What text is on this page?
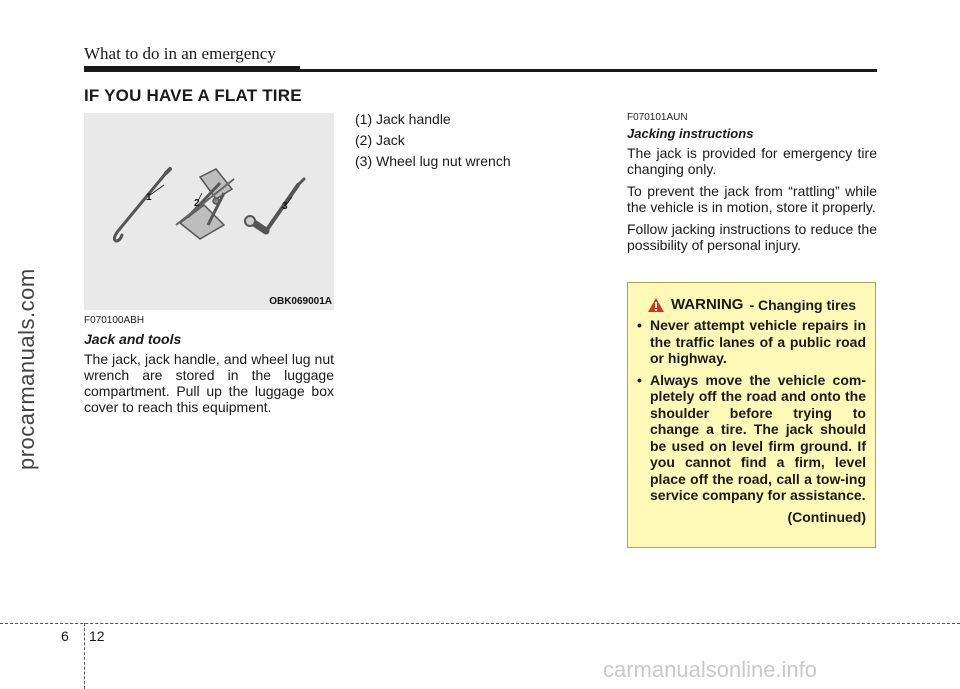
What to do in an emergency
IF YOU HAVE A FLAT TIRE
1
2	3
OBK069001A
F070100ABH
Jack and tools
The jack, jack handle, and wheel lug nut wrench are stored in the luggage compartment. Pull up the luggage box cover to reach this equipment.
(1) Jack handle
(2) Jack
(3) Wheel lug nut wrench
F070101AUN
Jacking instructions
The jack is provided for emergency tire changing only.
To prevent the jack from “rattling” while the vehicle is in motion, store it properly.
Follow jacking instructions to reduce the possibility of personal injury.
WARNING - Changing tires
• Never attempt vehicle repairs in the traffic lanes of a public road or highway.
• Always move the vehicle com-pletely off the road and onto the shoulder before trying to change a tire. The jack should be used on level firm ground. If you cannot find a firm, level place off the road, call a tow-ing service company for assistance.
(Continued)
procarmanuals.com
carmanualsonline.info
6 12
